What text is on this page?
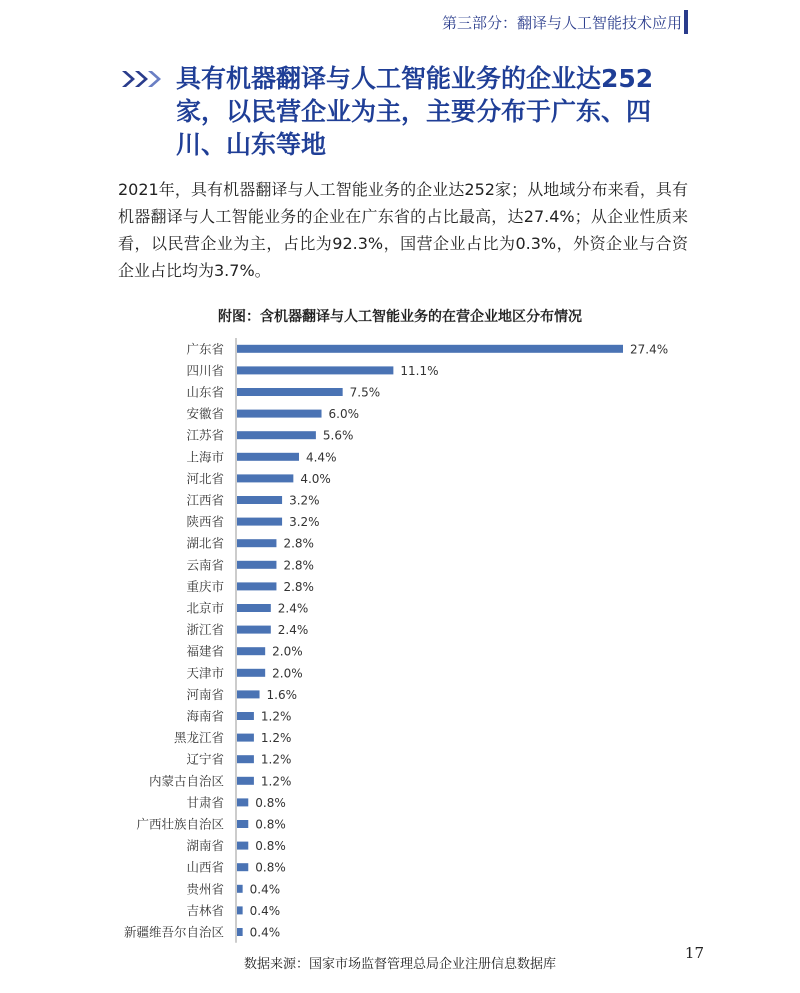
第三部分：翻译与人工智能技术应用
具有机器翻译与人工智能业务的企业达252家，以民营企业为主，主要分布于广东、四川、山东等地

2021年，具有机器翻译与人工智能业务的企业达252家；从地域分布来看，具有机器翻译与人工智能业务的企业在广东省的占比最高，达27.4%；从企业性质来看，以民营企业为主，占比为92.3%，国营企业占比为0.3%，外资企业与合资企业占比均为3.7%。

附图：含机器翻译与人工智能业务的在营企业地区分布情况
广东省	27.4%
四川省	11.1%
山东省	7.5%
安徽省	6.0%
江苏省	5.6%
上海市	4.4%
河北省	4.0%
江西省	3.2%
陕西省	3.2%
湖北省	2.8%
云南省	2.8%
重庆市	2.8%
北京市	2.4%
浙江省	2.4%
福建省	2.0%
天津市	2.0%
河南省	1.6%
海南省	1.2%
黑龙江省	1.2%
辽宁省	1.2%
内蒙古自治区	1.2%
甘肃省	0.8%
广西壮族自治区	0.8%
湖南省	0.8%
山西省	0.8%
贵州省 0.4%
吉林省 0.4%
新疆维吾尔自治区 0.4%
数据来源：国家市场监督管理总局企业注册信息数据库
17
